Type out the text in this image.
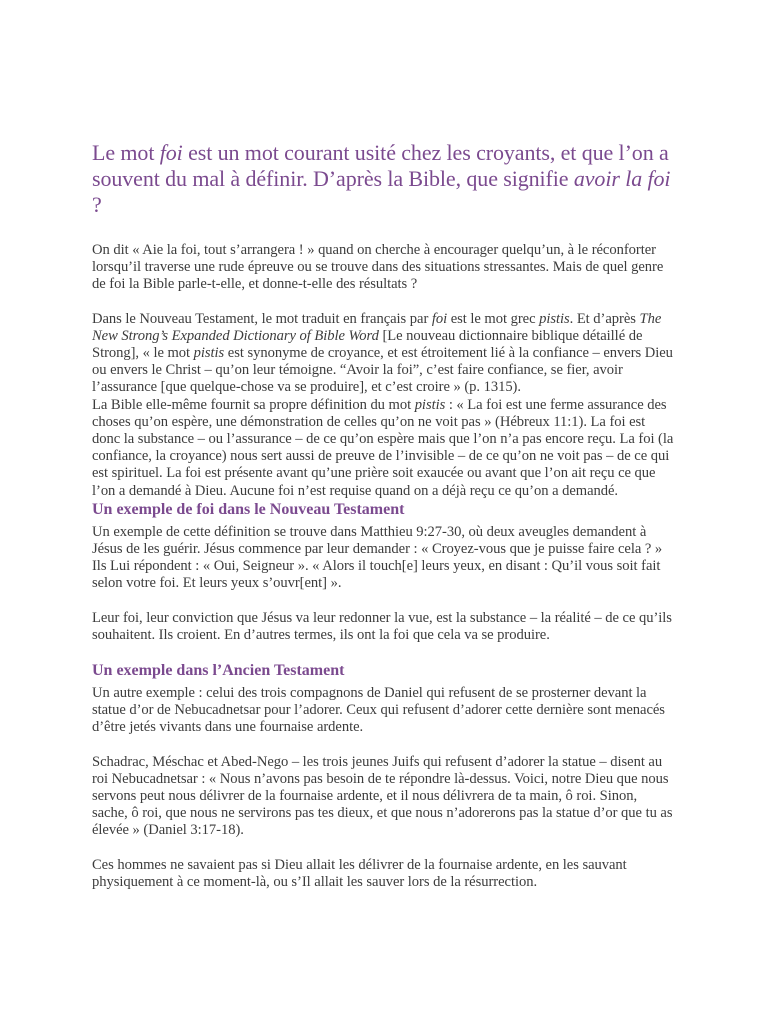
Le mot foi est un mot courant usité chez les croyants, et que l’on a souvent du mal à définir. D’après la Bible, que signifie avoir la foi ?

On dit « Aie la foi, tout s’arrangera ! » quand on cherche à encourager quelqu’un, à le réconforter lorsqu’il traverse une rude épreuve ou se trouve dans des situations stressantes. Mais de quel genre de foi la Bible parle-t-elle, et donne-t-elle des résultats ?

Dans le Nouveau Testament, le mot traduit en français par foi est le mot grec pistis. Et d’après The New Strong’s Expanded Dictionary of Bible Word [Le nouveau dictionnaire biblique détaillé de Strong], « le mot pistis est synonyme de croyance, et est étroitement lié à la confiance – envers Dieu ou envers le Christ – qu’on leur témoigne. “Avoir la foi”, c’est faire confiance, se fier, avoir l’assurance [que quelque-chose va se produire], et c’est croire » (p. 1315).

La Bible elle-même fournit sa propre définition du mot pistis : « La foi est une ferme assurance des choses qu’on espère, une démonstration de celles qu’on ne voit pas » (Hébreux 11:1). La foi est donc la substance – ou l’assurance – de ce qu’on espère mais que l’on n’a pas encore reçu. La foi (la confiance, la croyance) nous sert aussi de preuve de l’invisible – de ce qu’on ne voit pas – de ce qui est spirituel. La foi est présente avant qu’une prière soit exaucée ou avant que l’on ait reçu ce que l’on a demandé à Dieu. Aucune foi n’est requise quand on a déjà reçu ce qu’on a demandé.

Un exemple de foi dans le Nouveau Testament

Un exemple de cette définition se trouve dans Matthieu 9:27-30, où deux aveugles demandent à Jésus de les guérir. Jésus commence par leur demander : « Croyez-vous que je puisse faire cela ? » Ils Lui répondent : « Oui, Seigneur ». « Alors il touch[e] leurs yeux, en disant : Qu’il vous soit fait selon votre foi. Et leurs yeux s’ouvr[ent] ».

Leur foi, leur conviction que Jésus va leur redonner la vue, est la substance – la réalité – de ce qu’ils souhaitent. Ils croient. En d’autres termes, ils ont la foi que cela va se produire.

Un exemple dans l’Ancien Testament

Un autre exemple : celui des trois compagnons de Daniel qui refusent de se prosterner devant la statue d’or de Nebucadnetsar pour l’adorer. Ceux qui refusent d’adorer cette dernière sont menacés d’être jetés vivants dans une fournaise ardente.

Schadrac, Méschac et Abed-Nego – les trois jeunes Juifs qui refusent d’adorer la statue – disent au roi Nebucadnetsar : « Nous n’avons pas besoin de te répondre là-dessus. Voici, notre Dieu que nous servons peut nous délivrer de la fournaise ardente, et il nous délivrera de ta main, ô roi. Sinon, sache, ô roi, que nous ne servirons pas tes dieux, et que nous n’adorerons pas la statue d’or que tu as élevée » (Daniel 3:17-18).

Ces hommes ne savaient pas si Dieu allait les délivrer de la fournaise ardente, en les sauvant physiquement à ce moment-là, ou s’Il allait les sauver lors de la résurrection.
